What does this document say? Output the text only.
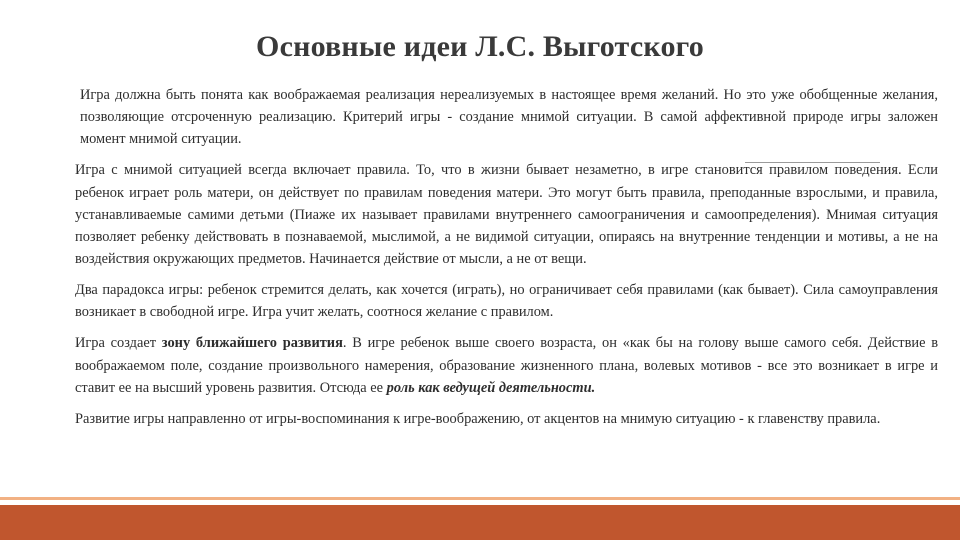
Основные идеи Л.С. Выготского

Игра должна быть понята как воображаемая реализация нереализуемых в настоящее время желаний. Но это уже обобщенные желания, позволяющие отсроченную реализацию. Критерий игры - создание мнимой ситуации. В самой аффективной природе игры заложен момент мнимой ситуации.

Игра с мнимой ситуацией всегда включает правила. То, что в жизни бывает незаметно, в игре становится правилом поведения. Если ребенок играет роль матери, он действует по правилам поведения матери. Это могут быть правила, преподанные взрослыми, и правила, устанавливаемые самими детьми (Пиаже их называет правилами внутреннего самоограничения и самоопределения). Мнимая ситуация позволяет ребенку действовать в познаваемой, мыслимой, а не видимой ситуации, опираясь на внутренние тенденции и мотивы, а не на воздействия окружающих предметов. Начинается действие от мысли, а не от вещи.

Два парадокса игры: ребенок стремится делать, как хочется (играть), но ограничивает себя правилами (как бывает). Сила самоуправления возникает в свободной игре. Игра учит желать, соотнося желание с правилом.

Игра создает зону ближайшего развития. В игре ребенок выше своего возраста, он «как бы на голову выше самого себя. Действие в воображаемом поле, создание произвольного намерения, образование жизненного плана, волевых мотивов - все это возникает в игре и ставит ее на высший уровень развития. Отсюда ее роль как ведущей деятельности.

Развитие игры направленно от игры-воспоминания к игре-воображению, от акцентов на мнимую ситуацию - к главенству правила.
